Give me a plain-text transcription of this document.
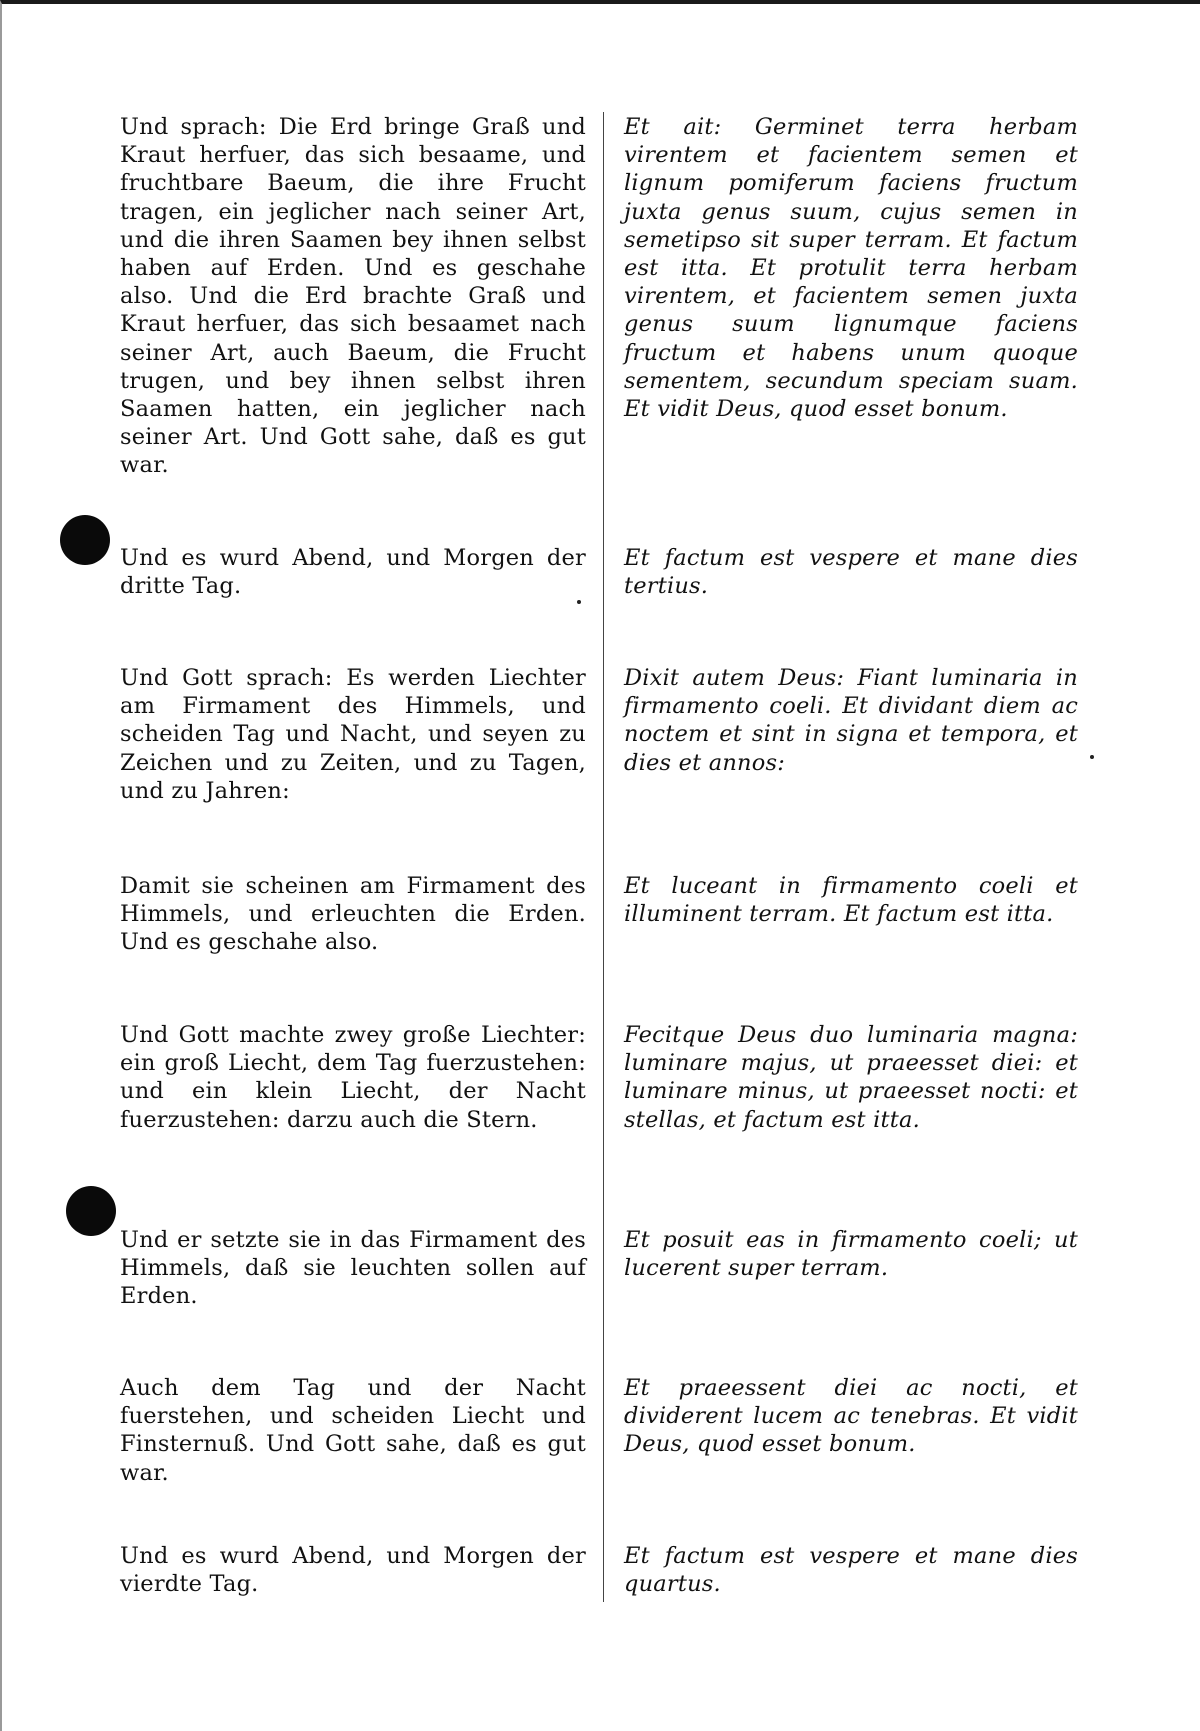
Und sprach: Die Erd bringe Graß und Kraut herfuer, das sich besaame, und fruchtbare Baeum, die ihre Frucht tragen, ein jeglicher nach seiner Art, und die ihren Saamen bey ihnen selbst haben auf Erden. Und es geschahe also. Und die Erd brachte Graß und Kraut herfuer, das sich besaamet nach seiner Art, auch Baeum, die Frucht trugen, und bey ihnen selbst ihren Saamen hatten, ein jeglicher nach seiner Art. Und Gott sahe, daß es gut war.

Und es wurd Abend, und Morgen der dritte Tag.

Und Gott sprach: Es werden Liechter am Firmament des Himmels, und scheiden Tag und Nacht, und seyen zu Zeichen und zu Zeiten, und zu Tagen, und zu Jahren:

Damit sie scheinen am Firmament des Himmels, und erleuchten die Erden. Und es geschahe also.

Und Gott machte zwey große Liechter: ein groß Liecht, dem Tag fuerzustehen: und ein klein Liecht, der Nacht fuerzustehen: darzu auch die Stern.

Und er setzte sie in das Firmament des Himmels, daß sie leuchten sollen auf Erden.

Auch dem Tag und der Nacht fuerstehen, und scheiden Liecht und Finsternuß. Und Gott sahe, daß es gut war.

Und es wurd Abend, und Morgen der vierdte Tag.

Et ait: Germinet terra herbam virentem et facientem semen et lignum pomiferum faciens fructum juxta genus suum, cujus semen in semetipso sit super terram. Et factum est itta. Et protulit terra herbam virentem, et facientem semen juxta genus suum lignumque faciens fructum et habens unum quoque sementem, secundum speciam suam. Et vidit Deus, quod esset bonum.

Et factum est vespere et mane dies tertius.

Dixit autem Deus: Fiant luminaria in firmamento coeli. Et dividant diem ac noctem et sint in signa et tempora, et dies et annos:

Et luceant in firmamento coeli et illuminent terram. Et factum est itta.

Fecitque Deus duo luminaria magna: luminare majus, ut praeesset diei: et luminare minus, ut praeesset nocti: et stellas, et factum est itta.

Et posuit eas in firmamento coeli; ut lucerent super terram.

Et praeessent diei ac nocti, et dividerent lucem ac tenebras. Et vidit Deus, quod esset bonum.

Et factum est vespere et mane dies quartus.
